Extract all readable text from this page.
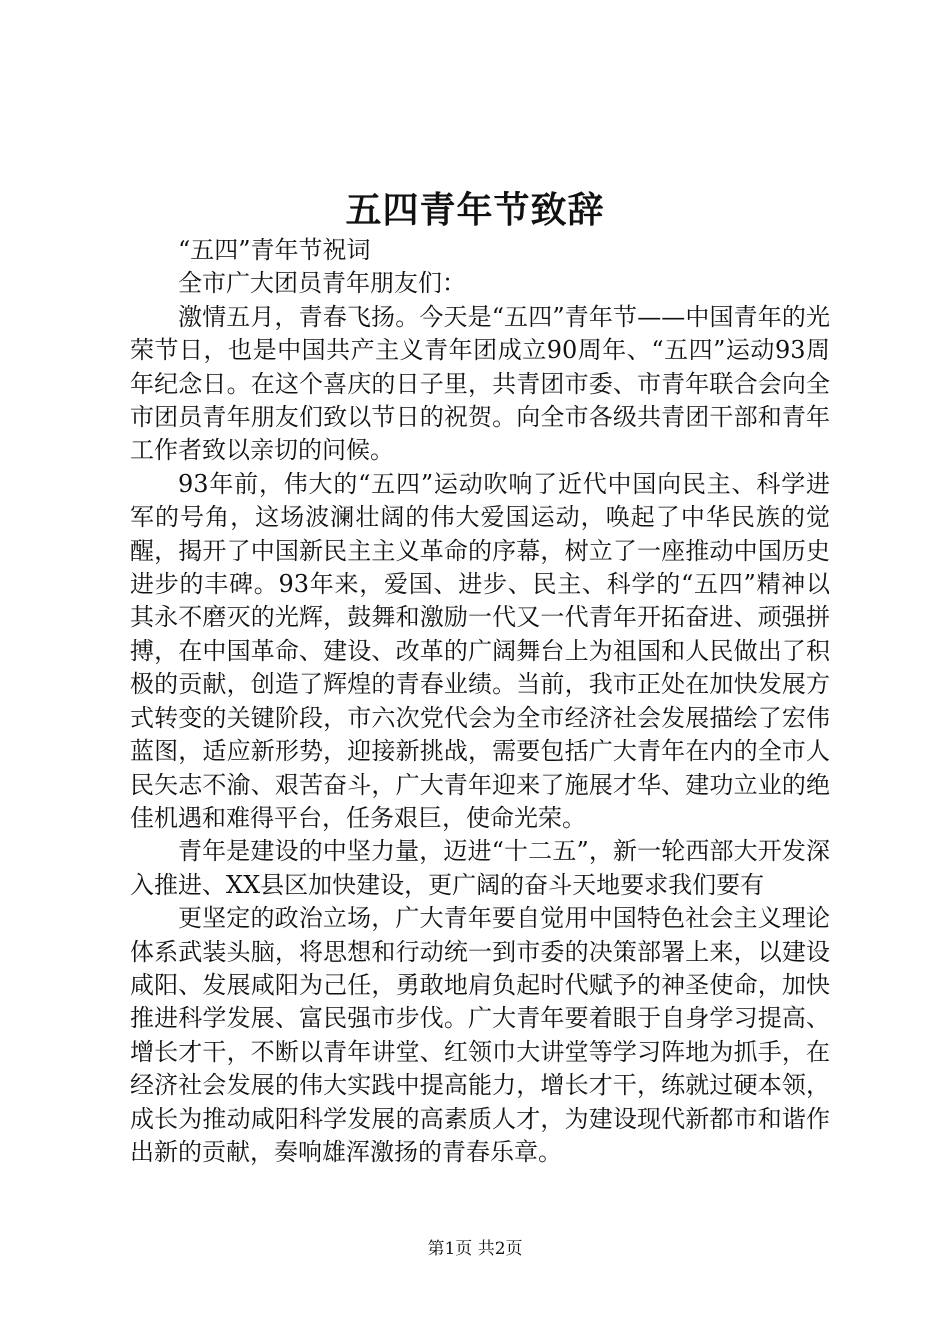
五四青年节致辞

“五四”青年节祝词

全市广大团员青年朋友们：

激情五月，青春飞扬。今天是“五四”青年节——中国青年的光荣节日，也是中国共产主义青年团成立90周年、“五四”运动93周年纪念日。在这个喜庆的日子里，共青团市委、市青年联合会向全市团员青年朋友们致以节日的祝贺。向全市各级共青团干部和青年工作者致以亲切的问候。

93年前，伟大的“五四”运动吹响了近代中国向民主、科学进军的号角，这场波澜壮阔的伟大爱国运动，唤起了中华民族的觉醒，揭开了中国新民主主义革命的序幕，树立了一座推动中国历史进步的丰碑。93年来，爱国、进步、民主、科学的“五四”精神以其永不磨灭的光辉，鼓舞和激励一代又一代青年开拓奋进、顽强拼搏，在中国革命、建设、改革的广阔舞台上为祖国和人民做出了积极的贡献，创造了辉煌的青春业绩。当前，我市正处在加快发展方式转变的关键阶段，市六次党代会为全市经济社会发展描绘了宏伟蓝图，适应新形势，迎接新挑战，需要包括广大青年在内的全市人民矢志不渝、艰苦奋斗，广大青年迎来了施展才华、建功立业的绝佳机遇和难得平台，任务艰巨，使命光荣。

青年是建设的中坚力量，迈进“十二五”，新一轮西部大开发深入推进、XX县区加快建设，更广阔的奋斗天地要求我们要有

更坚定的政治立场，广大青年要自觉用中国特色社会主义理论体系武装头脑，将思想和行动统一到市委的决策部署上来，以建设咸阳、发展咸阳为己任，勇敢地肩负起时代赋予的神圣使命，加快推进科学发展、富民强市步伐。广大青年要着眼于自身学习提高、增长才干，不断以青年讲堂、红领巾大讲堂等学习阵地为抓手，在经济社会发展的伟大实践中提高能力，增长才干，练就过硬本领，成长为推动咸阳科学发展的高素质人才，为建设现代新都市和谐作出新的贡献，奏响雄浑激扬的青春乐章。

第1页 共2页
